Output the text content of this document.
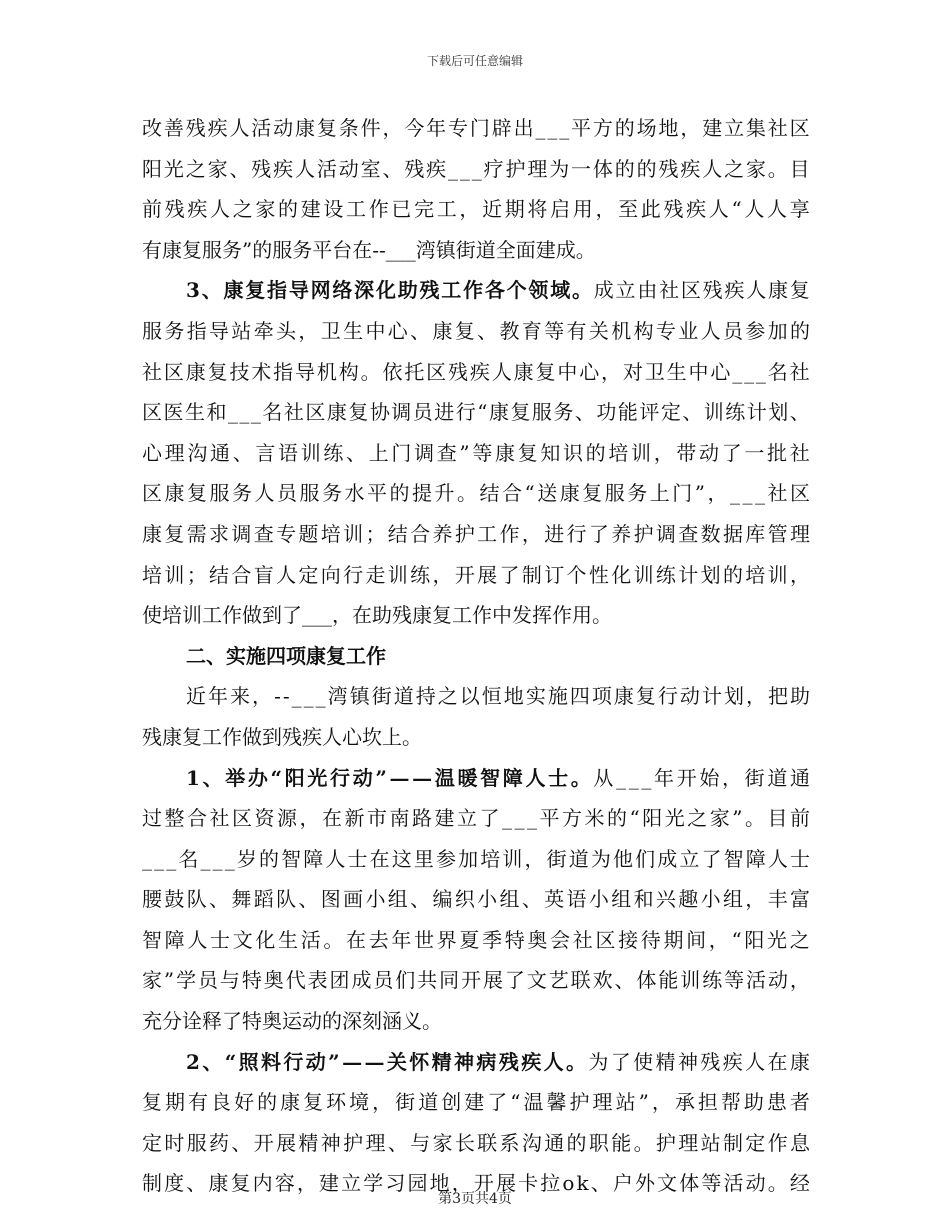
下载后可任意编辑
改 善 残 疾 人 活 动 康 复 条 件 ， 今 年 专 门 辟 出 _ _ _ 平 方 的 场 地 ， 建 立 集 社 区
阳 光 之 家 、 残 疾 人 活 动 室 、 残 疾 _ _ _ 疗 护 理 为 一 体 的 的 残 疾 人 之 家 。 目
前 残 疾 人 之 家 的 建 设 工 作 已 完 工 ， 近 期 将 启 用 ， 至 此 残 疾 人 “ 人 人 享
有康复服务”的服务平台在--___湾镇街道全面建成。
3 、 康 复 指 导 网 络 深 化 助 残 工 作 各 个 领 域 。 成 立 由 社 区 残 疾 人 康 复
服 务 指 导 站 牵 头 ， 卫 生 中 心 、 康 复 、 教 育 等 有 关 机 构 专 业 人 员 参 加 的
社 区 康 复 技 术 指 导 机 构 。 依 托 区 残 疾 人 康 复 中 心 ， 对 卫 生 中 心 _ _ _ 名 社
区 医 生 和 _ _ _ 名 社 区 康 复 协 调 员 进 行 “ 康 复 服 务 、 功 能 评 定 、 训 练 计 划 、
心 理 沟 通 、 言 语 训 练 、 上 门 调 查 ” 等 康 复 知 识 的 培 训 ， 带 动 了 一 批 社
区 康 复 服 务 人 员 服 务 水 平 的 提 升 。 结 合 “ 送 康 复 服 务 上 门 ” ， _ _ _ 社 区
康 复 需 求 调 查 专 题 培 训 ； 结 合 养 护 工 作 ， 进 行 了 养 护 调 查 数 据 库 管 理
培 训 ； 结 合 盲 人 定 向 行 走 训 练 ， 开 展 了 制 订 个 性 化 训 练 计 划 的 培 训 ，
使培训工作做到了___，在助残康复工作中发挥作用。
二、实施四项康复工作
近 年 来 ， - - _ _ _ 湾 镇 街 道 持 之 以 恒 地 实 施 四 项 康 复 行 动 计 划 ， 把 助
残康复工作做到残疾人心坎上。
1 、 举 办 “ 阳 光 行 动 ” — — 温 暖 智 障 人 士 。 从 _ _ _ 年 开 始 ， 街 道 通
过 整 合 社 区 资 源 ， 在 新 市 南 路 建 立 了 _ _ _ 平 方 米 的 “ 阳 光 之 家 ” 。 目 前
_ _ _ 名 _ _ _ 岁 的 智 障 人 士 在 这 里 参 加 培 训 ， 街 道 为 他 们 成 立 了 智 障 人 士
腰 鼓 队 、 舞 蹈 队 、 图 画 小 组 、 编 织 小 组 、 英 语 小 组 和 兴 趣 小 组 ， 丰 富
智 障 人 士 文 化 生 活 。 在 去 年 世 界 夏 季 特 奥 会 社 区 接 待 期 间 ， “ 阳 光 之
家 ” 学 员 与 特 奥 代 表 团 成 员 们 共 同 开 展 了 文 艺 联 欢 、 体 能 训 练 等 活 动 ，
充分诠释了特奥运动的深刻涵义。
2 、 “ 照 料 行 动 ” — — 关 怀 精 神 病 残 疾 人 。 为 了 使 精 神 残 疾 人 在 康
复 期 有 良 好 的 康 复 环 境 ， 街 道 创 建 了 “ 温 馨 护 理 站 ” ， 承 担 帮 助 患 者
定 时 服 药 、 开 展 精 神 护 理 、 与 家 长 联 系 沟 通 的 职 能 。 护 理 站 制 定 作 息
制 度 、 康 复 内 容 ， 建 立 学 习 园 地 ， 开 展 卡 拉 o k 、 户 外 文 体 等 活 动 。 经
第3页共4页
